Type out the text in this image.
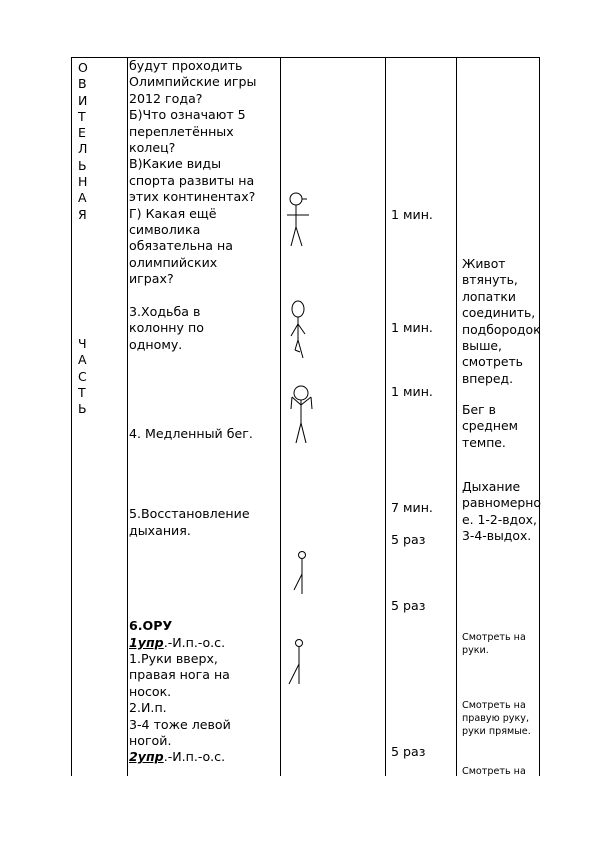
О
В
И
Т
Е
Л
Ь
Н
А
Я
Ч
А
С
Т
Ь

будут проходить

Олимпийские игры

2012 года?

Б)Что означают 5

переплетённых

колец?

В)Какие виды

спорта развиты на

этих континентах?

Г) Какая ещё

символика

обязательна на

олимпийских

играх?

3.Ходьба в

колонну по

одному.

4. Медленный бег.

5.Восстановление

дыхания.

6.ОРУ

1упр.-И.п.-о.с.

1.Руки вверх,

правая нога на

носок.

2.И.п.

3-4 тоже левой

ногой.

2упр.-И.п.-о.с.

1 мин.
1 мин.
1 мин.
7 мин.
5 раз
5 раз
5 раз
Живот
втянуть,
лопатки
соединить,
подбородок
выше,
смотреть
вперед.
Бег в
среднем
темпе.
Дыхание
равномерно
е. 1-2-вдох,
3-4-выдох.
Смотреть на
руки.
Смотреть на
правую руку,
руки прямые.
Смотреть на
